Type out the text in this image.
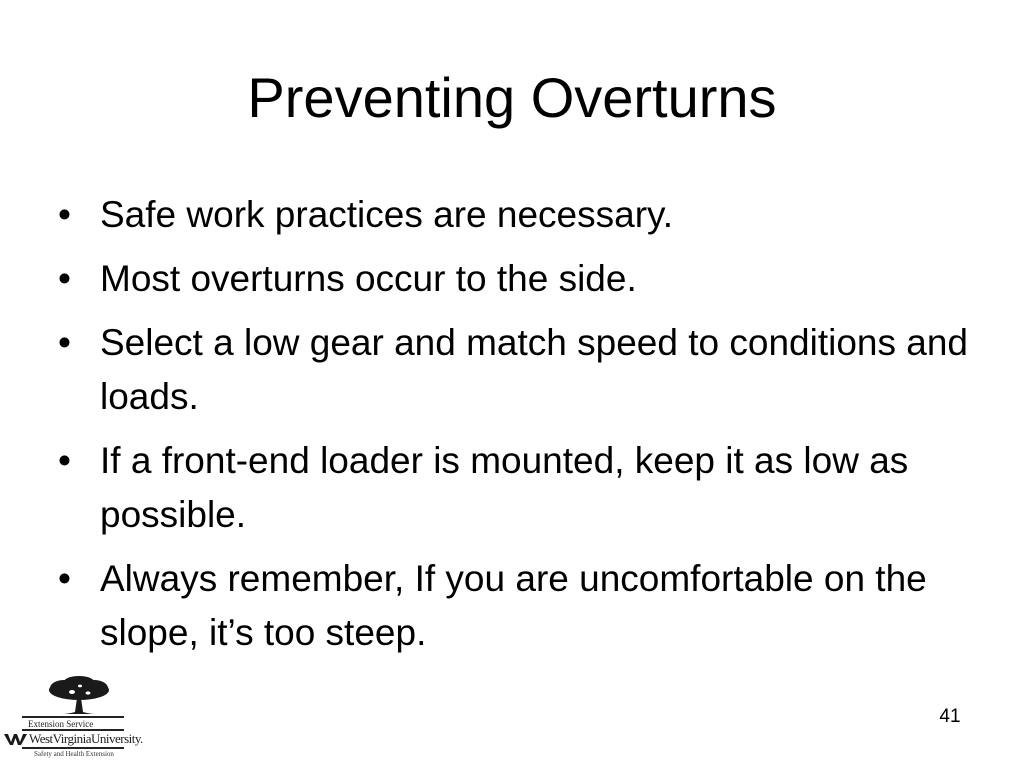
Preventing Overturns
• Safe work practices are necessary.
• Most overturns occur to the side.
• Select a low gear and match speed to conditions and loads.
• If a front-end loader is mounted, keep it as low as possible.
• Always remember, If you are uncomfortable on the slope, it’s too steep.
41
Extension Service
WestVirginiaUniversity.
Safety and Health Extension
